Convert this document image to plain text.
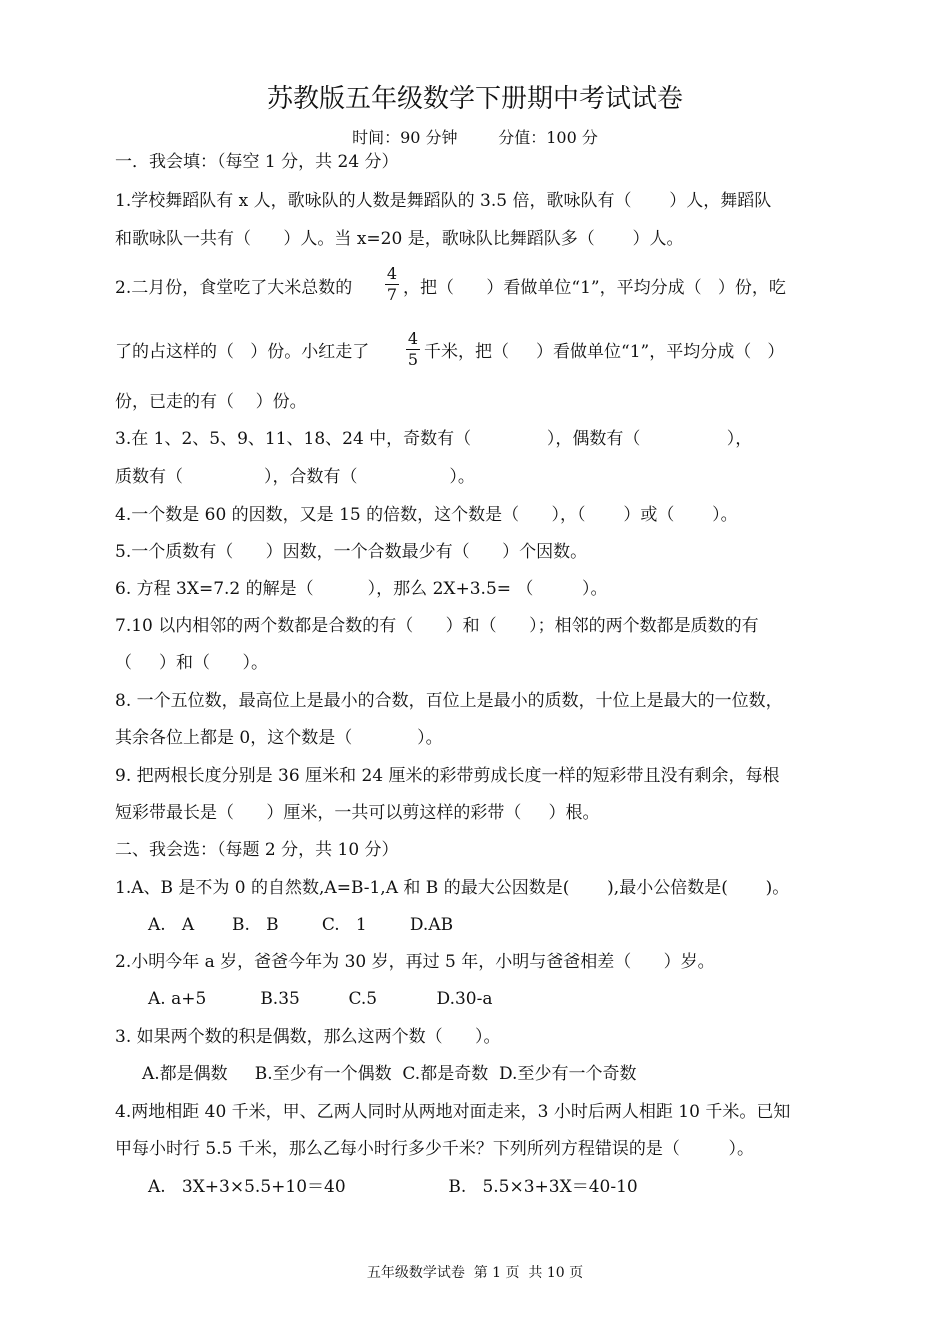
苏教版五年级数学下册期中考试试卷
时间：90 分钟        分值：100 分
一．我会填：（每空 1 分，共 24 分）
1.学校舞蹈队有 x 人，歌咏队的人数是舞蹈队的 3.5 倍，歌咏队有（       ）人，舞蹈队
和歌咏队一共有（      ）人。当 x=20 是，歌咏队比舞蹈队多（       ）人。
2.二月份，食堂吃了大米总数的
4
7 ，把（      ）看做单位“1”，平均分成（   ）份，吃
了的占这样的（   ）份。小红走了
4
5 千米，把（     ）看做单位“1”，平均分成（   ）
份，已走的有（    ）份。
3.在 1、2、5、9、11、18、24 中，奇数有（              ），偶数有（                ），
质数有（               ），合数有（                 ）。
4.一个数是 60 的因数，又是 15 的倍数，这个数是（      ），（       ）或（       ）。
5.一个质数有（      ）因数，一个合数最少有（      ）个因数。
6. 方程 3X=7.2 的解是（          ），那么 2X+3.5= （         ）。
7.10 以内相邻的两个数都是合数的有（      ）和（      ）；相邻的两个数都是质数的有
（     ）和（      ）。
8. 一个五位数，最高位上是最小的合数，百位上是最小的质数，十位上是最大的一位数，
其余各位上都是 0，这个数是（            ）。
9. 把两根长度分别是 36 厘米和 24 厘米的彩带剪成长度一样的短彩带且没有剩余，每根
短彩带最长是（      ）厘米，一共可以剪这样的彩带（     ）根。
二、我会选：（每题 2 分，共 10 分）
1.A、B 是不为 0 的自然数,A=B-1,A 和 B 的最大公因数是(       ),最小公倍数是(       )。
A.   A       B.   B        C.   1        D.AB
2.小明今年 a 岁，爸爸今年为 30 岁，再过 5 年，小明与爸爸相差（      ）岁。
A. a+5          B.35         C.5           D.30-a
3. 如果两个数的积是偶数，那么这两个数（      ）。
A.都是偶数     B.至少有一个偶数  C.都是奇数  D.至少有一个奇数
4.两地相距 40 千米，甲、乙两人同时从两地对面走来，3 小时后两人相距 10 千米。已知
甲每小时行 5.5 千米，那么乙每小时行多少千米？下列所列方程错误的是（         ）。
A.   3X+3×5.5+10＝40                   B.   5.5×3+3X＝40-10
五年级数学试卷  第 1 页  共 10 页
